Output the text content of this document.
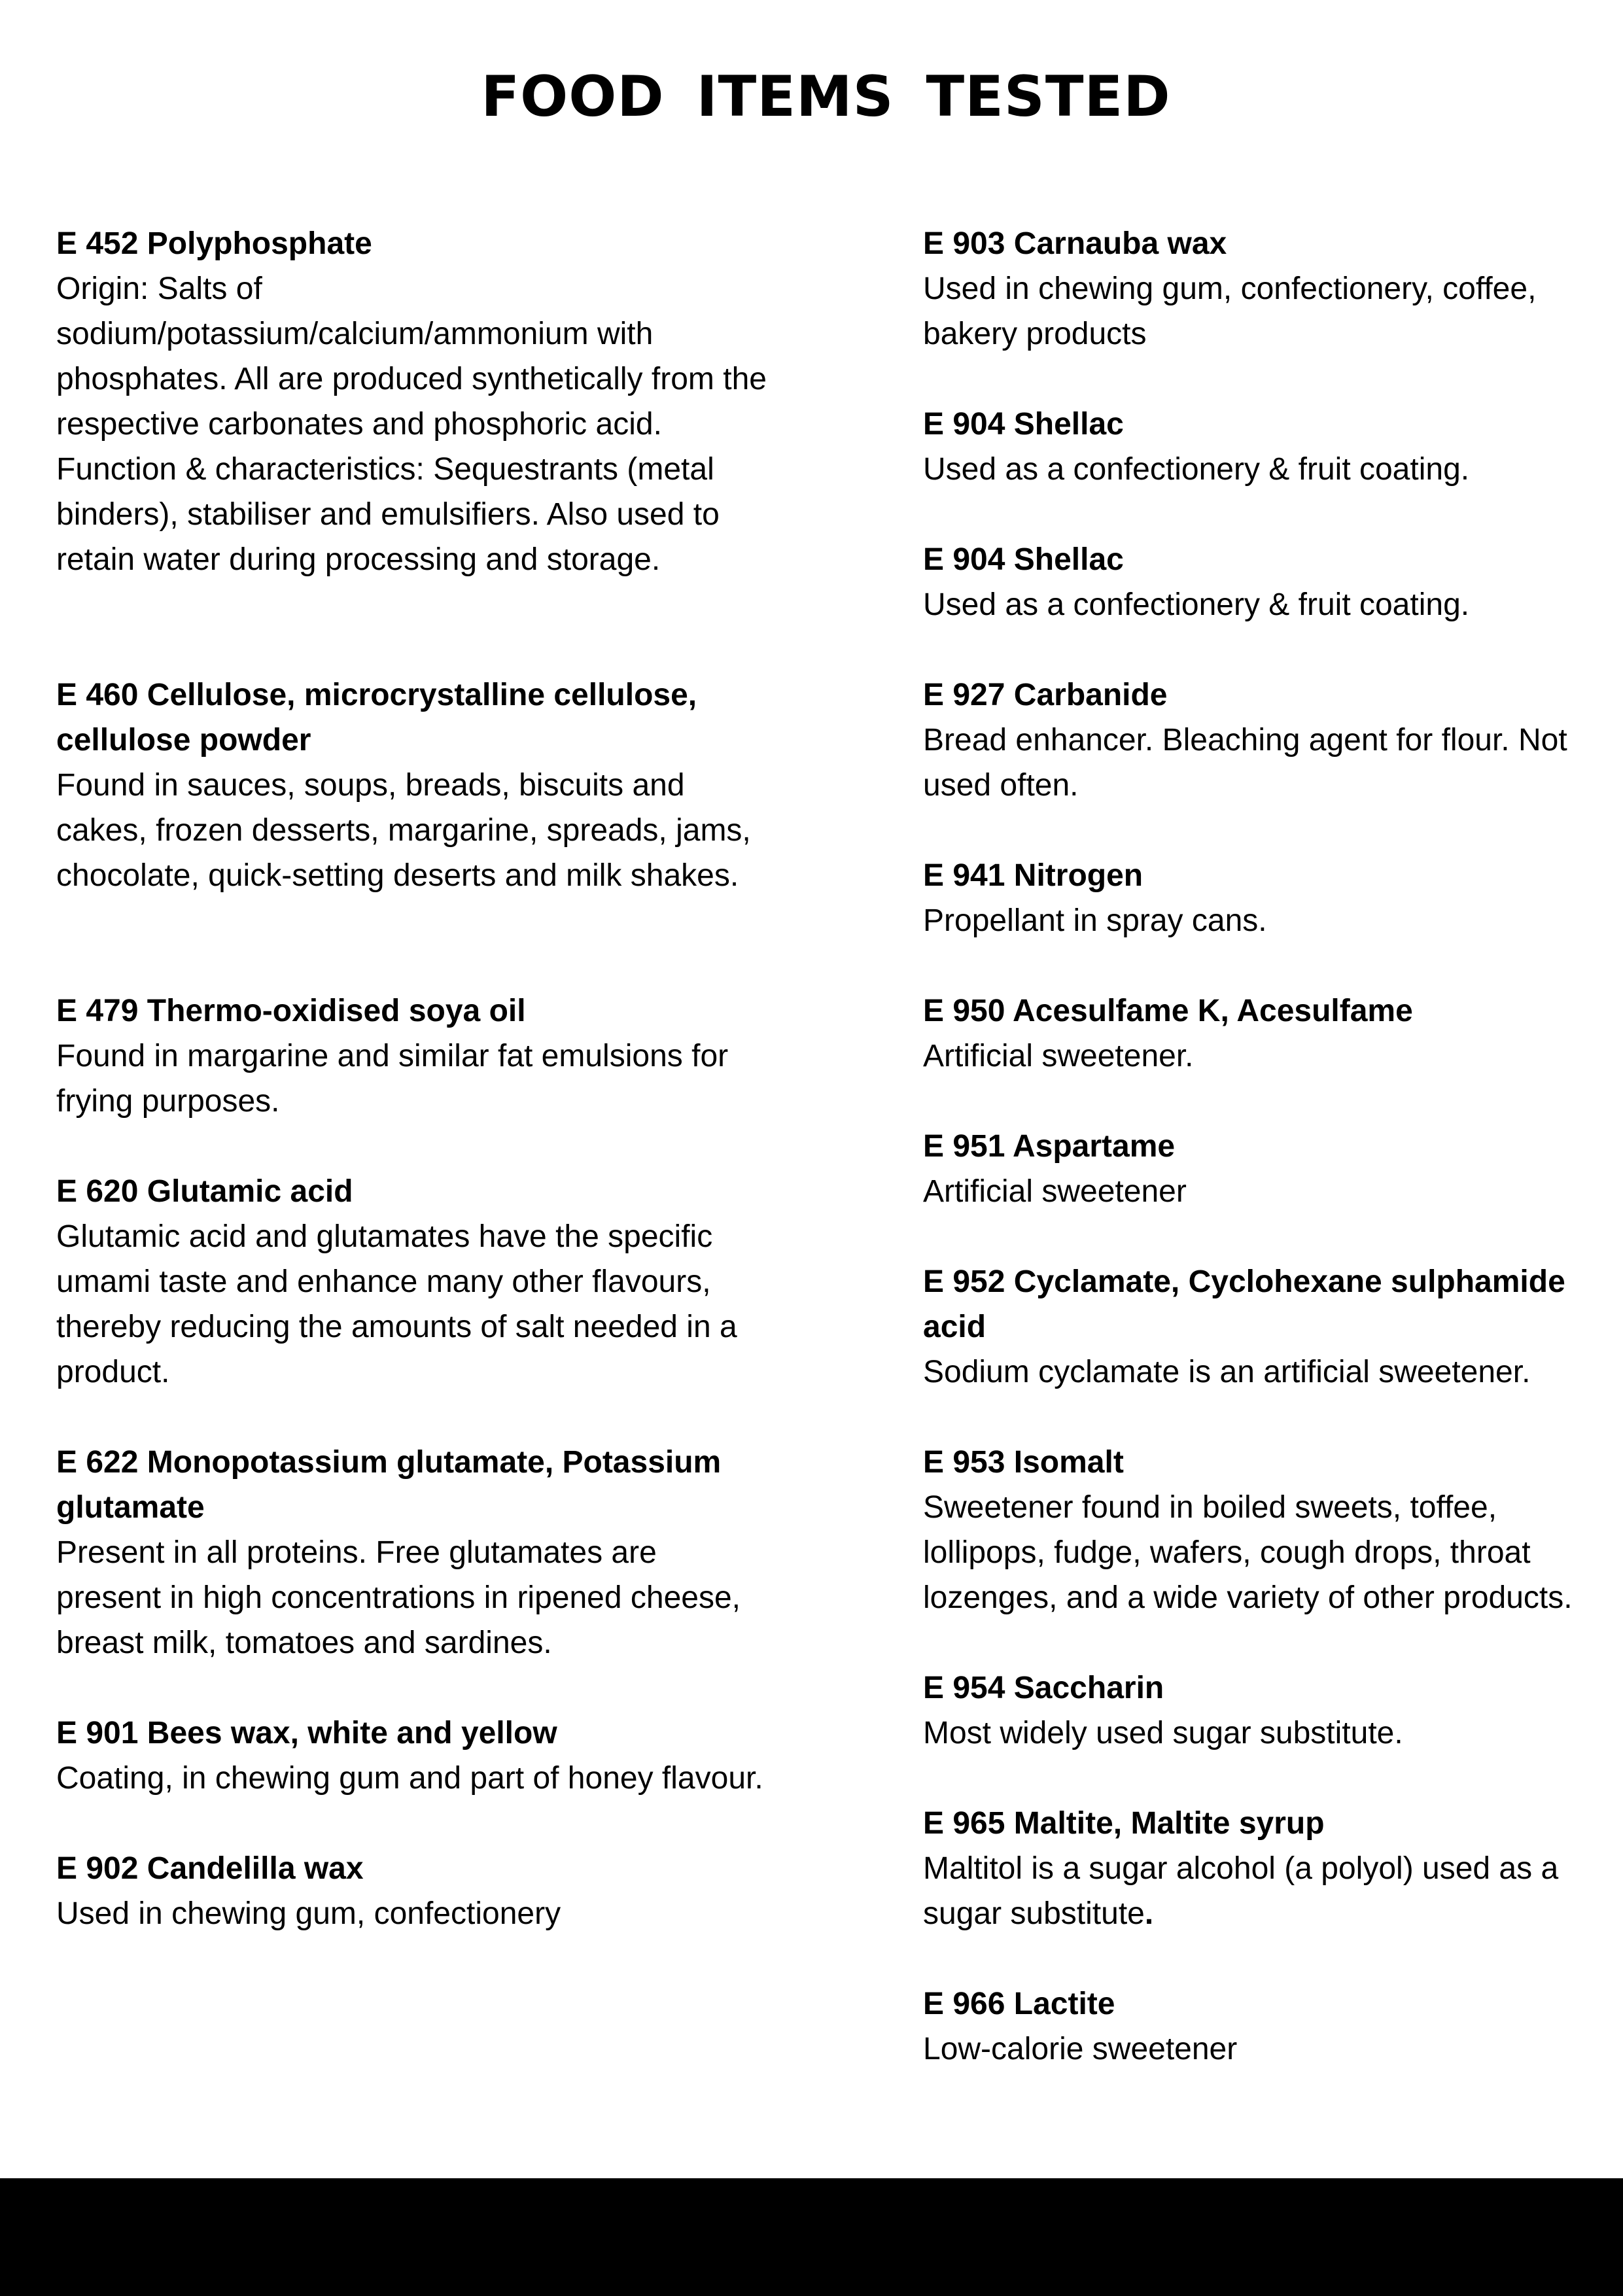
FOOD ITEMS TESTED
E 452 Polyphosphate
Origin: Salts of sodium/potassium/calcium/ammonium with phosphates. All are produced synthetically from the respective carbonates and phosphoric acid. Function & characteristics: Sequestrants (metal binders), stabiliser and emulsifiers. Also used to retain water during processing and storage.
E 460 Cellulose, microcrystalline cellulose, cellulose powder
Found in sauces, soups, breads, biscuits and cakes, frozen desserts, margarine, spreads, jams, chocolate, quick-setting deserts and milk shakes.
E 479 Thermo-oxidised soya oil
Found in margarine and similar fat emulsions for frying purposes.
E 620 Glutamic acid
Glutamic acid and glutamates have the specific umami taste and enhance many other flavours, thereby reducing the amounts of salt needed in a product.
E 622 Monopotassium glutamate, Potassium glutamate
Present in all proteins. Free glutamates are present in high concentrations in ripened cheese, breast milk, tomatoes and sardines.
E 901 Bees wax, white and yellow
Coating, in chewing gum and part of honey flavour.
E 902 Candelilla wax
Used in chewing gum, confectionery
E 903 Carnauba wax
Used in chewing gum, confectionery, coffee, bakery products
E 904 Shellac
Used as a confectionery & fruit coating.
E 904 Shellac
Used as a confectionery & fruit coating.
E 927 Carbanide
Bread enhancer. Bleaching agent for flour. Not used often.
E 941 Nitrogen
Propellant in spray cans.
E 950 Acesulfame K, Acesulfame
Artificial sweetener.
E 951 Aspartame
Artificial sweetener
E 952 Cyclamate, Cyclohexane sulphamide acid
Sodium cyclamate is an artificial sweetener.
E 953 Isomalt
Sweetener found in boiled sweets, toffee, lollipops, fudge, wafers, cough drops, throat lozenges, and a wide variety of other products.
E 954 Saccharin
Most widely used sugar substitute.
E 965 Maltite, Maltite syrup
Maltitol is a sugar alcohol (a polyol) used as a sugar substitute.
E 966 Lactite
Low-calorie sweetener
